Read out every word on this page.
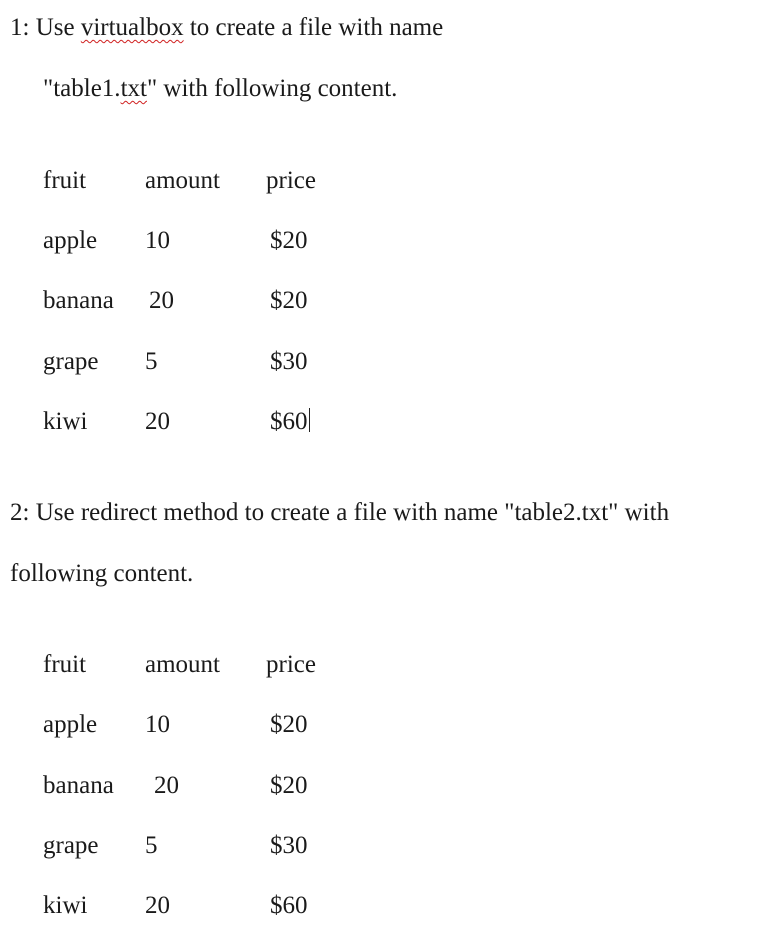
1: Use virtualbox to create a file with name
"table1.txt" with following content.
fruit amount price
apple 10	$20
banana 20	$20
grape 5	$30
kiwi 20	$60
2: Use redirect method to create a file with name "table2.txt" with
following content.
fruit amount price
apple 10	$20
banana 20	$20
grape 5	$30
kiwi 20	$60
